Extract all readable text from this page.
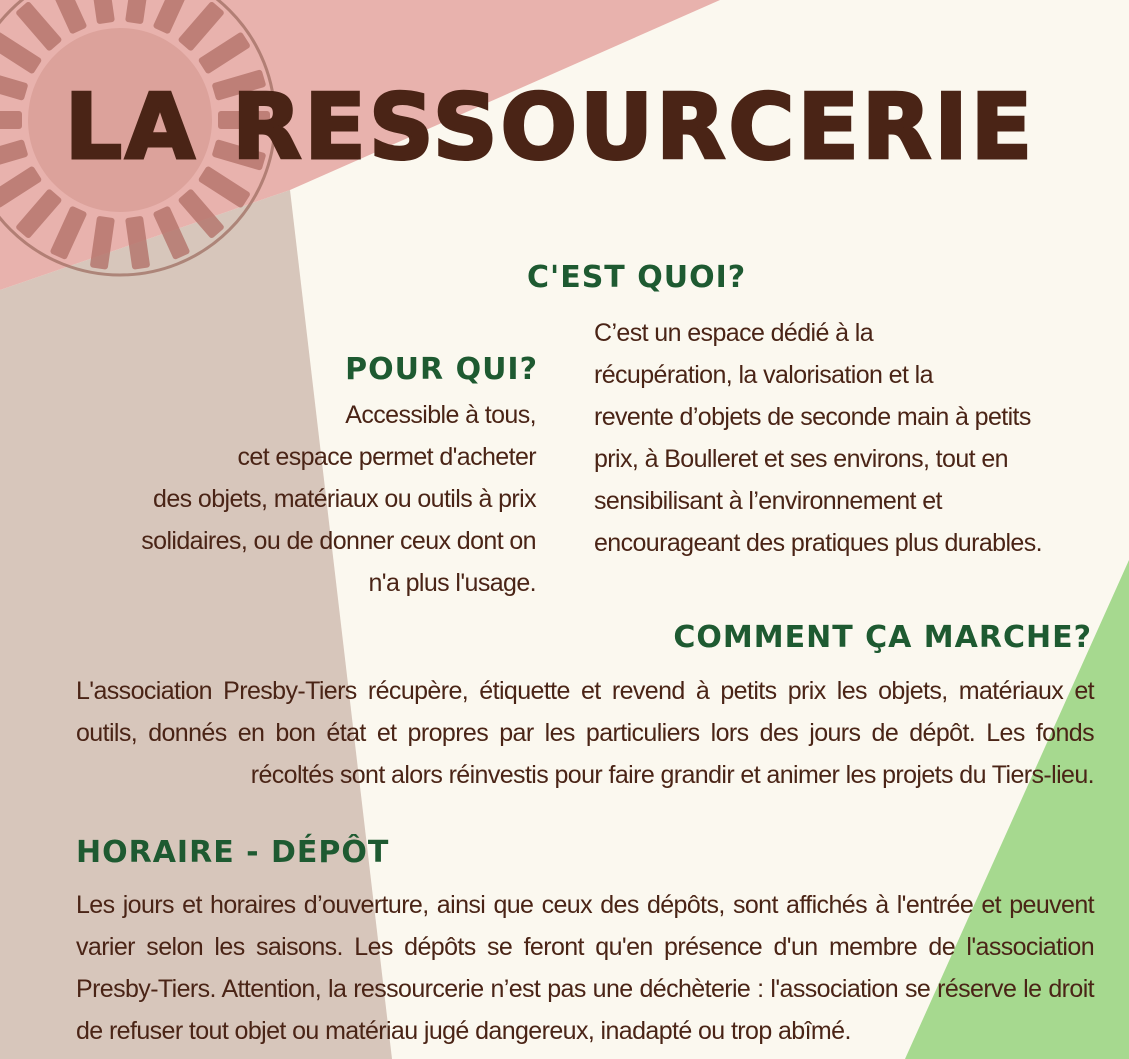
LA RESSOURCERIE
C'EST QUOI?
POUR QUI?
Accessible à tous,
cet espace permet d'acheter
des objets, matériaux ou outils à prix
solidaires, ou de donner ceux dont on
n'a plus l'usage.
C’est un espace dédié à la
récupération, la valorisation et la
revente d’objets de seconde main à petits
prix, à Boulleret et ses environs, tout en
sensibilisant à l’environnement et
encourageant des pratiques plus durables.
COMMENT ÇA MARCHE?
L'association Presby-Tiers récupère, étiquette et revend à petits prix les objets, matériaux et outils, donnés en bon état et propres par les particuliers lors des jours de dépôt. Les fonds récoltés sont alors réinvestis pour faire grandir et animer les projets du Tiers-lieu.
HORAIRE - DÉPÔT
Les jours et horaires d’ouverture, ainsi que ceux des dépôts, sont affichés à l'entrée et peuvent varier selon les saisons. Les dépôts se feront qu'en présence d'un membre de l'association Presby-Tiers. Attention, la ressourcerie n’est pas une déchèterie : l'association se réserve le droit de refuser tout objet ou matériau jugé dangereux, inadapté ou trop abîmé.
